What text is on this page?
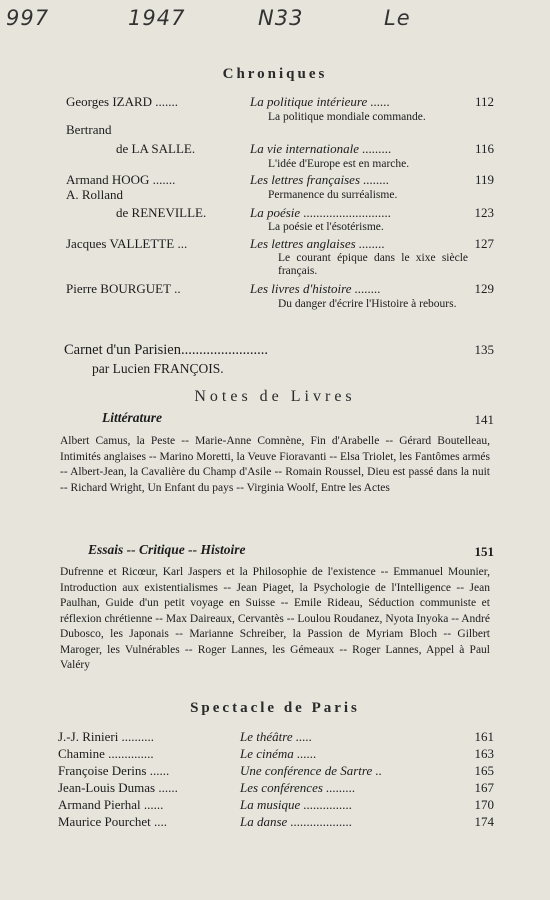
997	1947	N33	Le
Chroniques
Georges IZARD .......	La politique intérieure ......	112
La politique mondiale commande.
Bertrand
de LA SALLE.	La vie internationale .........	116
L'idée d'Europe est en marche.
Armand HOOG .......	Les lettres françaises ........	119
Permanence du surréalisme.
A. Rolland
de RENEVILLE.	La poésie ...........................	123
La poésie et l'ésotérisme.
Jacques VALLETTE ...	Les lettres anglaises ........	127
Le courant épique dans le xixe siècle français.
Pierre BOURGUET ..	Les livres d'histoire ........	129
Du danger d'écrire l'Histoire à rebours.
Carnet d'un Parisien........................	135
par Lucien FRANÇOIS.
Notes de Livres
Littérature	141
Albert Camus, la Peste -- Marie-Anne Comnène, Fin d'Arabelle -- Gérard Boutelleau, Intimités anglaises -- Marino Moretti, la Veuve Fioravanti -- Elsa Triolet, les Fantômes armés -- Albert-Jean, la Cavalière du Champ d'Asile -- Romain Roussel, Dieu est passé dans la nuit -- Richard Wright, Un Enfant du pays -- Virginia Woolf, Entre les Actes
Essais -- Critique -- Histoire	151
Dufrenne et Ricœur, Karl Jaspers et la Philosophie de l'existence -- Emmanuel Mounier, Introduction aux existentialismes -- Jean Piaget, la Psychologie de l'Intelligence -- Jean Paulhan, Guide d'un petit voyage en Suisse -- Emile Rideau, Séduction communiste et réflexion chrétienne -- Max Daireaux, Cervantès -- Loulou Roudanez, Nyota Inyoka -- André Dubosco, les Japonais -- Marianne Schreiber, la Passion de Myriam Bloch -- Gilbert Maroger, les Vulnérables -- Roger Lannes, les Gémeaux -- Roger Lannes, Appel à Paul Valéry
Spectacle de Paris
J.-J. Rinieri ..........	Le théâtre .....	161
Chamine ..............	Le cinéma ......	163
Françoise Derins ......	Une conférence de Sartre ..	165
Jean-Louis Dumas ......	Les conférences .........	167
Armand Pierhal ......	La musique ...............	170
Maurice Pourchet ....	La danse ...................	174
